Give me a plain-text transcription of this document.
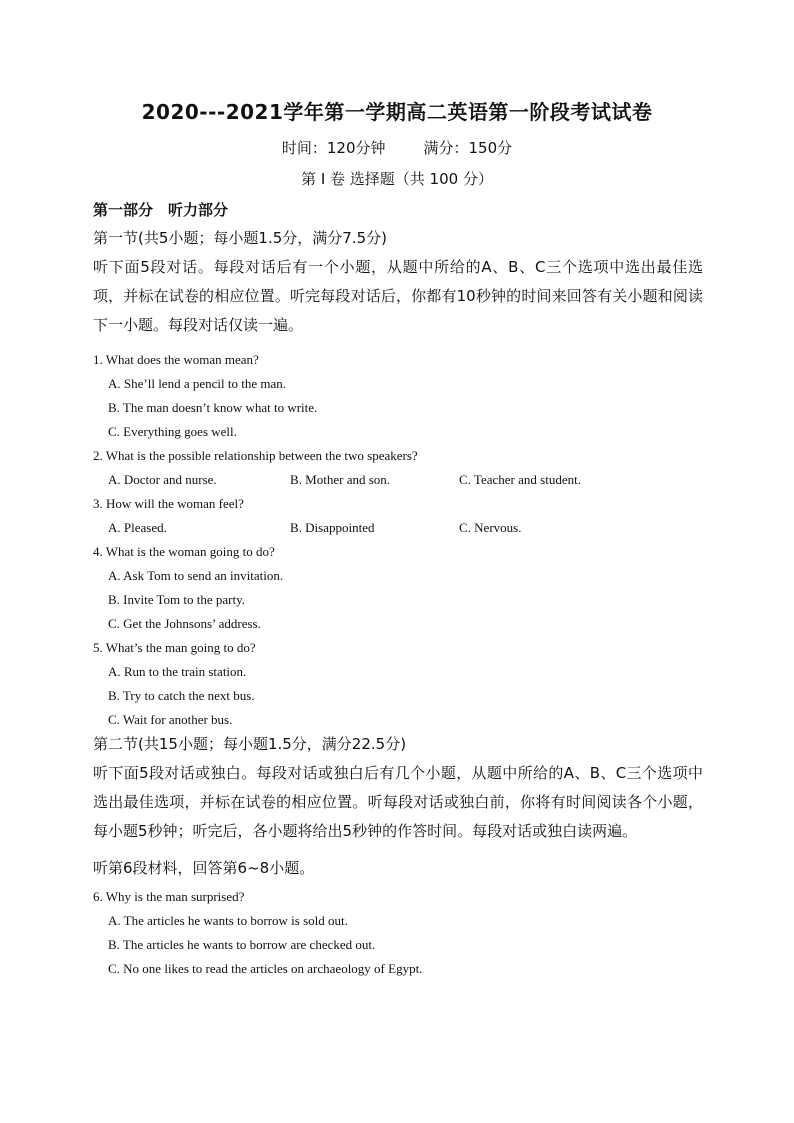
2020---2021学年第一学期高二英语第一阶段考试试卷
时间：120分钟	满分：150分
第 I 卷 选择题（共 100 分）
第一部分　听力部分
第一节(共5小题；每小题1.5分，满分7.5分)
听下面5段对话。每段对话后有一个小题，从题中所给的A、B、C三个选项中选出最佳选项，并标在试卷的相应位置。听完每段对话后，你都有10秒钟的时间来回答有关小题和阅读下一小题。每段对话仅读一遍。
1. What does the woman mean?
A. She’ll lend a pencil to the man.
B. The man doesn’t know what to write.
C. Everything goes well.
2. What is the possible relationship between the two speakers?
A. Doctor and nurse.	B. Mother and son.	C. Teacher and student.
3. How will the woman feel?
A. Pleased.	B. Disappointed	C. Nervous.
4. What is the woman going to do?
A. Ask Tom to send an invitation.
B. Invite Tom to the party.
C. Get the Johnsons’ address.
5. What’s the man going to do?
A. Run to the train station.
B. Try to catch the next bus.
C. Wait for another bus.
第二节(共15小题；每小题1.5分，满分22.5分)
听下面5段对话或独白。每段对话或独白后有几个小题，从题中所给的A、B、C三个选项中选出最佳选项，并标在试卷的相应位置。听每段对话或独白前，你将有时间阅读各个小题，每小题5秒钟；听完后，各小题将给出5秒钟的作答时间。每段对话或独白读两遍。
听第6段材料，回答第6~8小题。
6. Why is the man surprised?
A. The articles he wants to borrow is sold out.
B. The articles he wants to borrow are checked out.
C. No one likes to read the articles on archaeology of Egypt.
